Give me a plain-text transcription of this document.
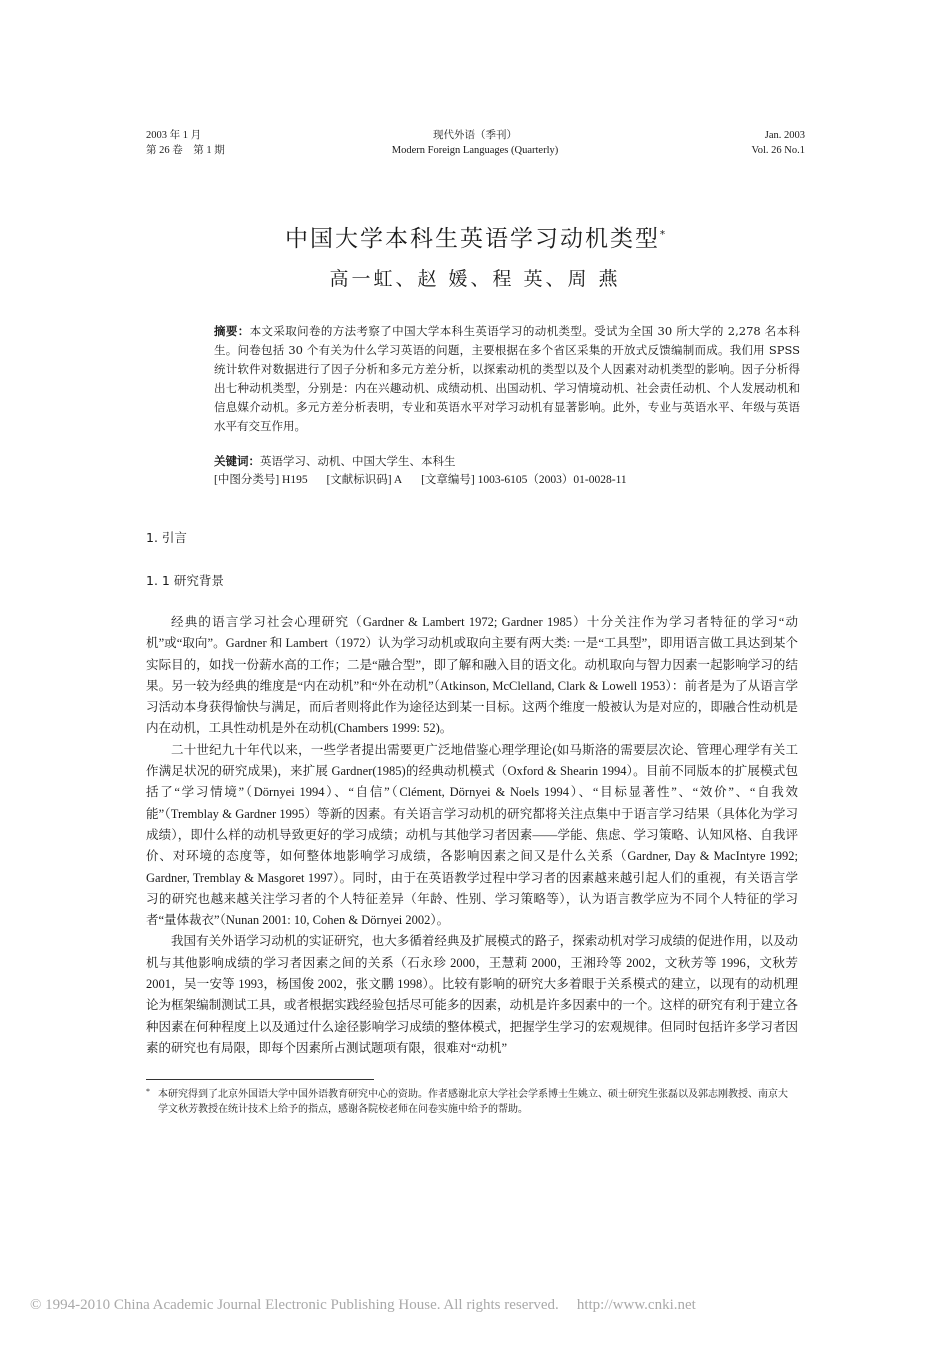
2003 年 1 月
第 26 卷　第 1 期
现代外语（季刊）
Modern Foreign Languages (Quarterly)
Jan. 2003
Vol. 26 No.1
中国大学本科生英语学习动机类型*
高一虹、赵 媛、程 英、周 燕
摘要：本文采取问卷的方法考察了中国大学本科生英语学习的动机类型。受试为全国 30 所大学的 2,278 名本科生。问卷包括 30 个有关为什么学习英语的问题，主要根据在多个省区采集的开放式反馈编制而成。我们用 SPSS 统计软件对数据进行了因子分析和多元方差分析，以探索动机的类型以及个人因素对动机类型的影响。因子分析得出七种动机类型，分别是：内在兴趣动机、成绩动机、出国动机、学习情境动机、社会责任动机、个人发展动机和信息媒介动机。多元方差分析表明，专业和英语水平对学习动机有显著影响。此外，专业与英语水平、年级与英语水平有交互作用。
关键词：英语学习、动机、中国大学生、本科生
[中图分类号] H195 [文献标识码] A [文章编号] 1003-6105（2003）01-0028-11
1. 引言
1. 1 研究背景

经典的语言学习社会心理研究（Gardner & Lambert 1972; Gardner 1985）十分关注作为学习者特征的学习“动机”或“取向”。Gardner 和 Lambert（1972）认为学习动机或取向主要有两大类: 一是“工具型”，即用语言做工具达到某个实际目的，如找一份薪水高的工作；二是“融合型”，即了解和融入目的语文化。动机取向与智力因素一起影响学习的结果。另一较为经典的维度是“内在动机”和“外在动机”（Atkinson, McClelland, Clark & Lowell 1953）：前者是为了从语言学习活动本身获得愉快与满足，而后者则将此作为途径达到某一目标。这两个维度一般被认为是对应的，即融合性动机是内在动机，工具性动机是外在动机(Chambers 1999: 52)。

二十世纪九十年代以来，一些学者提出需要更广泛地借鉴心理学理论(如马斯洛的需要层次论、管理心理学有关工作满足状况的研究成果)，来扩展 Gardner(1985)的经典动机模式（Oxford & Shearin 1994）。目前不同版本的扩展模式包括了“学习情境”（Dörnyei 1994）、“自信”（Clément, Dörnyei & Noels 1994）、“目标显著性”、“效价”、“自我效能”（Tremblay & Gardner 1995）等新的因素。有关语言学习动机的研究都将关注点集中于语言学习结果（具体化为学习成绩），即什么样的动机导致更好的学习成绩；动机与其他学习者因素——学能、焦虑、学习策略、认知风格、自我评价、对环境的态度等，如何整体地影响学习成绩，各影响因素之间又是什么关系（Gardner, Day & MacIntyre 1992; Gardner, Tremblay & Masgoret 1997）。同时，由于在英语教学过程中学习者的因素越来越引起人们的重视，有关语言学习的研究也越来越关注学习者的个人特征差异（年龄、性别、学习策略等），认为语言教学应为不同个人特征的学习者“量体裁衣”（Nunan 2001: 10, Cohen & Dörnyei 2002）。

我国有关外语学习动机的实证研究，也大多循着经典及扩展模式的路子，探索动机对学习成绩的促进作用，以及动机与其他影响成绩的学习者因素之间的关系（石永珍 2000，王慧莉 2000，王湘玲等 2002，文秋芳等 1996，文秋芳 2001，吴一安等 1993，杨国俊 2002，张文鹏 1998）。比较有影响的研究大多着眼于关系模式的建立，以现有的动机理论为框架编制测试工具，或者根据实践经验包括尽可能多的因素，动机是许多因素中的一个。这样的研究有利于建立各种因素在何种程度上以及通过什么途径影响学习成绩的整体模式，把握学生学习的宏观规律。但同时包括许多学习者因素的研究也有局限，即每个因素所占测试题项有限，很难对“动机”

* 本研究得到了北京外国语大学中国外语教育研究中心的资助。作者感谢北京大学社会学系博士生姚立、硕士研究生张磊以及郭志刚教授、南京大学文秋芳教授在统计技术上给予的指点，感谢各院校老师在问卷实施中给予的帮助。
© 1994-2010 China Academic Journal Electronic Publishing House. All rights reserved. http://www.cnki.net
